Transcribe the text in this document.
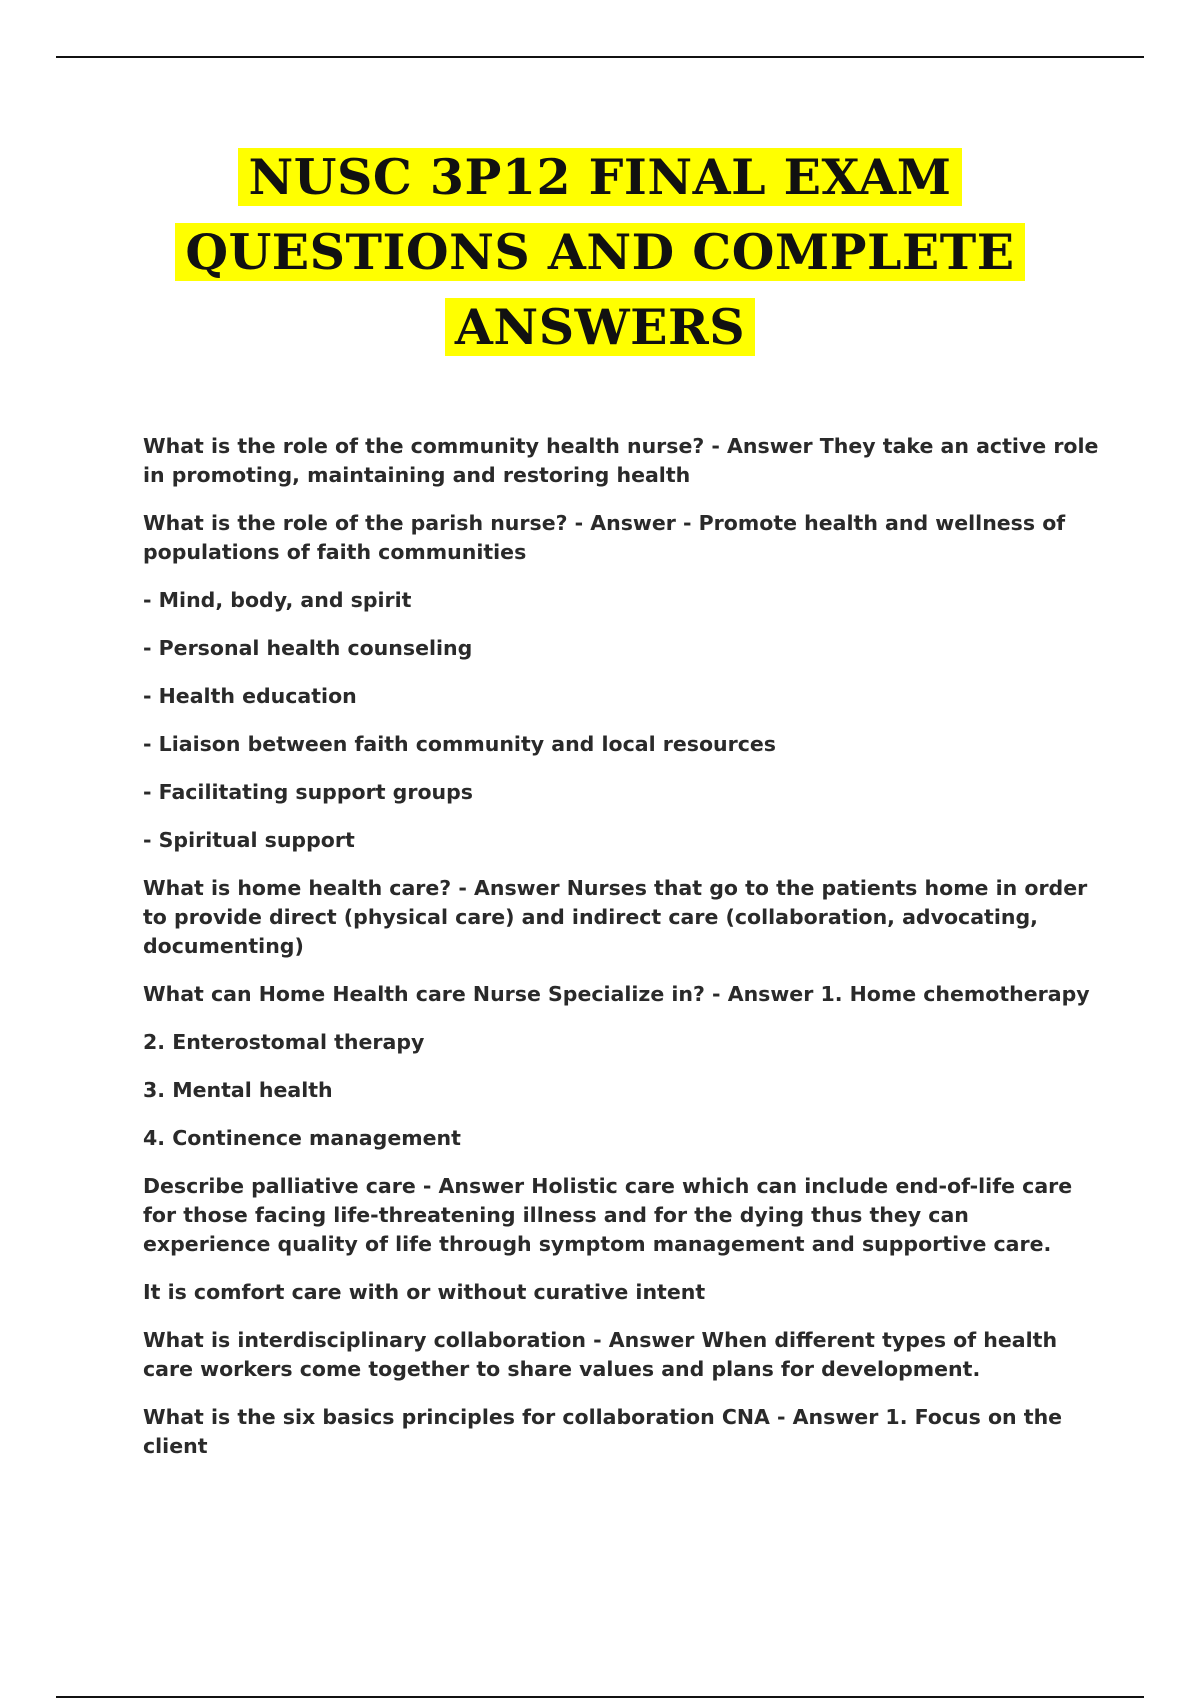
NUSC 3P12 FINAL EXAM
QUESTIONS AND COMPLETE
ANSWERS

What is the role of the community health nurse? - Answer They take an active role in promoting, maintaining and restoring health

What is the role of the parish nurse? - Answer - Promote health and wellness of populations of faith communities

- Mind, body, and spirit

- Personal health counseling

- Health education

- Liaison between faith community and local resources

- Facilitating support groups

- Spiritual support

What is home health care? - Answer Nurses that go to the patients home in order to provide direct (physical care) and indirect care (collaboration, advocating, documenting)

What can Home Health care Nurse Specialize in? - Answer 1. Home chemotherapy

2. Enterostomal therapy

3. Mental health

4. Continence management

Describe palliative care - Answer Holistic care which can include end-of-life care for those facing life-threatening illness and for the dying thus they can experience quality of life through symptom management and supportive care.

It is comfort care with or without curative intent

What is interdisciplinary collaboration - Answer When different types of health care workers come together to share values and plans for development.

What is the six basics principles for collaboration CNA - Answer 1. Focus on the client
